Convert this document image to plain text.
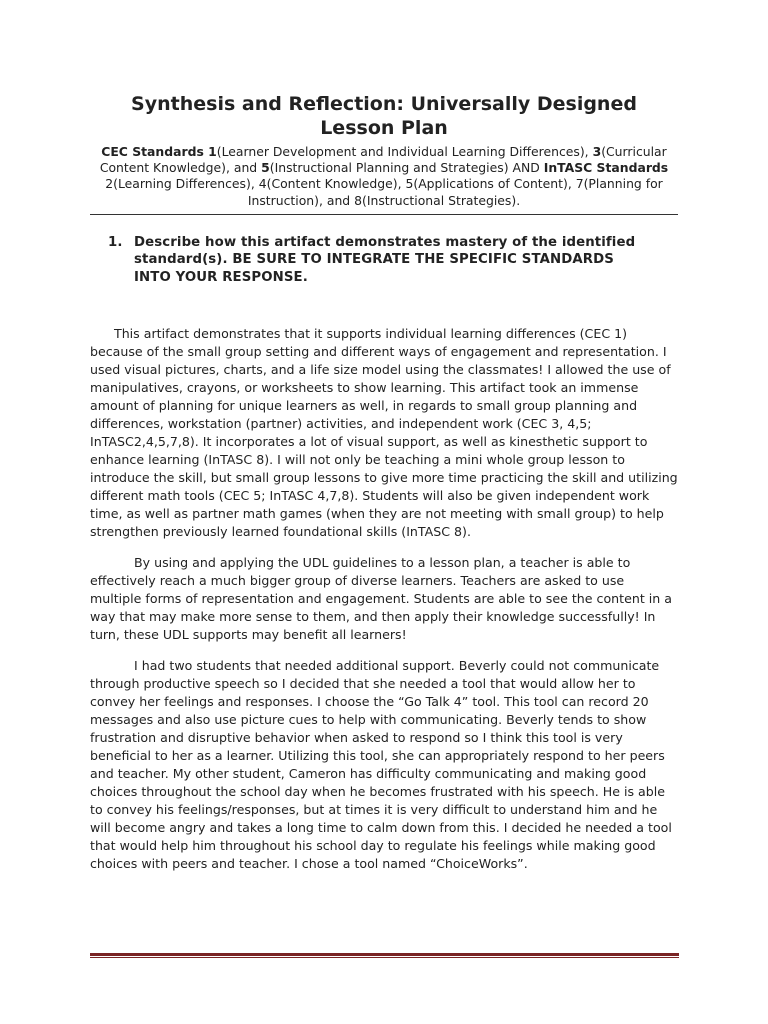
Synthesis and Reflection: Universally Designed
Lesson Plan
CEC Standards 1(Learner Development and Individual Learning Differences), 3(Curricular Content Knowledge), and 5(Instructional Planning and Strategies) AND InTASC Standards 2(Learning Differences), 4(Content Knowledge), 5(Applications of Content), 7(Planning for Instruction), and 8(Instructional Strategies).
1. Describe how this artifact demonstrates mastery of the identified standard(s). BE SURE TO INTEGRATE THE SPECIFIC STANDARDS INTO YOUR RESPONSE.

This artifact demonstrates that it supports individual learning differences (CEC 1) because of the small group setting and different ways of engagement and representation. I used visual pictures, charts, and a life size model using the classmates! I allowed the use of manipulatives, crayons, or worksheets to show learning. This artifact took an immense amount of planning for unique learners as well, in regards to small group planning and differences, workstation (partner) activities, and independent work (CEC 3, 4,5; InTASC2,4,5,7,8). It incorporates a lot of visual support, as well as kinesthetic support to enhance learning (InTASC 8). I will not only be teaching a mini whole group lesson to introduce the skill, but small group lessons to give more time practicing the skill and utilizing different math tools (CEC 5; InTASC 4,7,8). Students will also be given independent work time, as well as partner math games (when they are not meeting with small group) to help strengthen previously learned foundational skills (InTASC 8).

By using and applying the UDL guidelines to a lesson plan, a teacher is able to effectively reach a much bigger group of diverse learners. Teachers are asked to use multiple forms of representation and engagement. Students are able to see the content in a way that may make more sense to them, and then apply their knowledge successfully! In turn, these UDL supports may benefit all learners!

I had two students that needed additional support. Beverly could not communicate through productive speech so I decided that she needed a tool that would allow her to convey her feelings and responses. I choose the “Go Talk 4” tool. This tool can record 20 messages and also use picture cues to help with communicating. Beverly tends to show frustration and disruptive behavior when asked to respond so I think this tool is very beneficial to her as a learner. Utilizing this tool, she can appropriately respond to her peers and teacher. My other student, Cameron has difficulty communicating and making good choices throughout the school day when he becomes frustrated with his speech. He is able to convey his feelings/responses, but at times it is very difficult to understand him and he will become angry and takes a long time to calm down from this. I decided he needed a tool that would help him throughout his school day to regulate his feelings while making good choices with peers and teacher. I chose a tool named “ChoiceWorks”.
